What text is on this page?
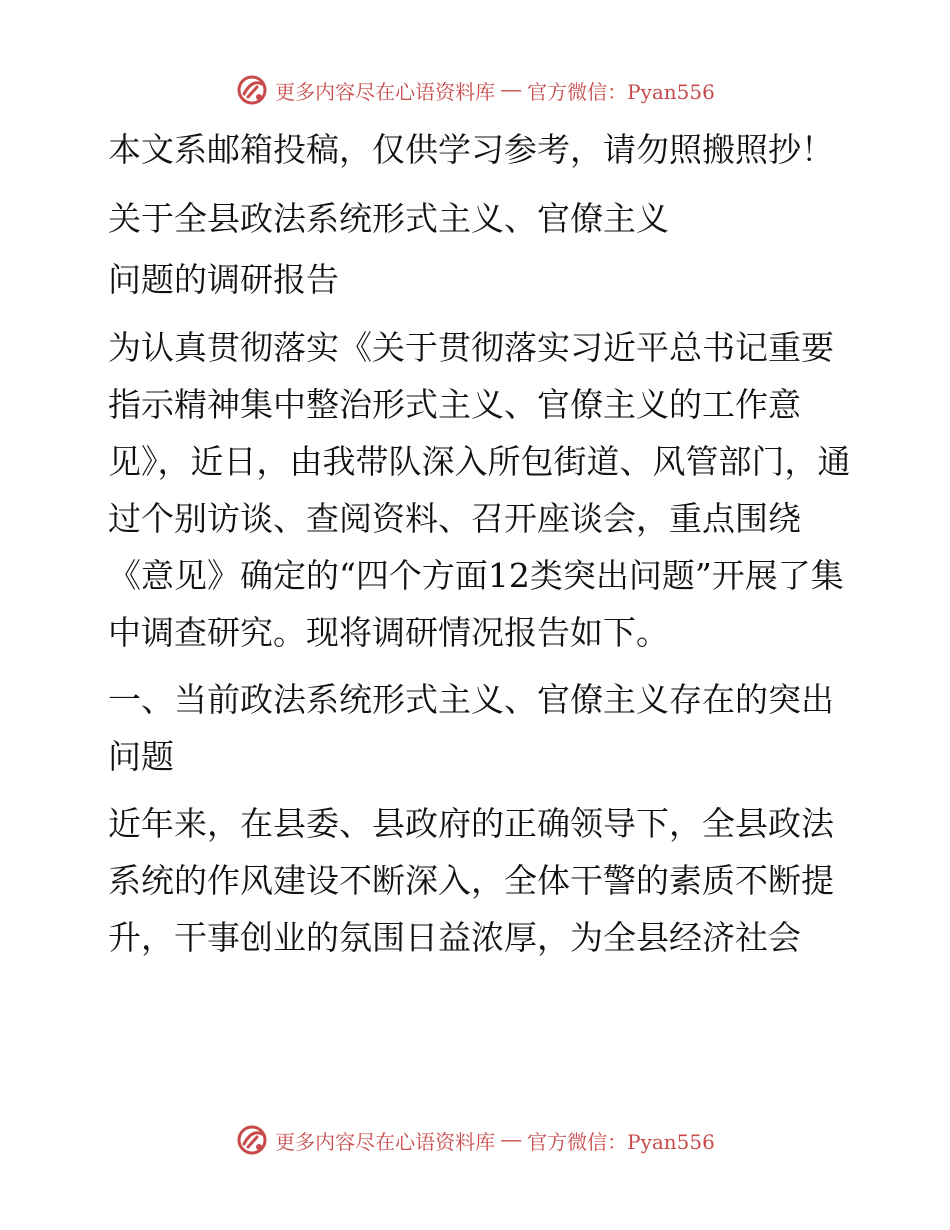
更多内容尽在心语资料库 — 官方微信：Pyan556

本文系邮箱投稿，仅供学习参考，请勿照搬照抄！

关于全县政法系统形式主义、官僚主义

问题的调研报告

为认真贯彻落实《关于贯彻落实习近平总书记重要指示精神集中整治形式主义、官僚主义的工作意见》，近日，由我带队深入所包街道、风管部门，通过个别访谈、查阅资料、召开座谈会，重点围绕《意见》确定的“四个方面12类突出问题”开展了集中调查研究。现将调研情况报告如下。

一、当前政法系统形式主义、官僚主义存在的突出问题

近年来，在县委、县政府的正确领导下，全县政法系统的作风建设不断深入，全体干警的素质不断提升，干事创业的氛围日益浓厚，为全县经济社会

更多内容尽在心语资料库 — 官方微信：Pyan556
